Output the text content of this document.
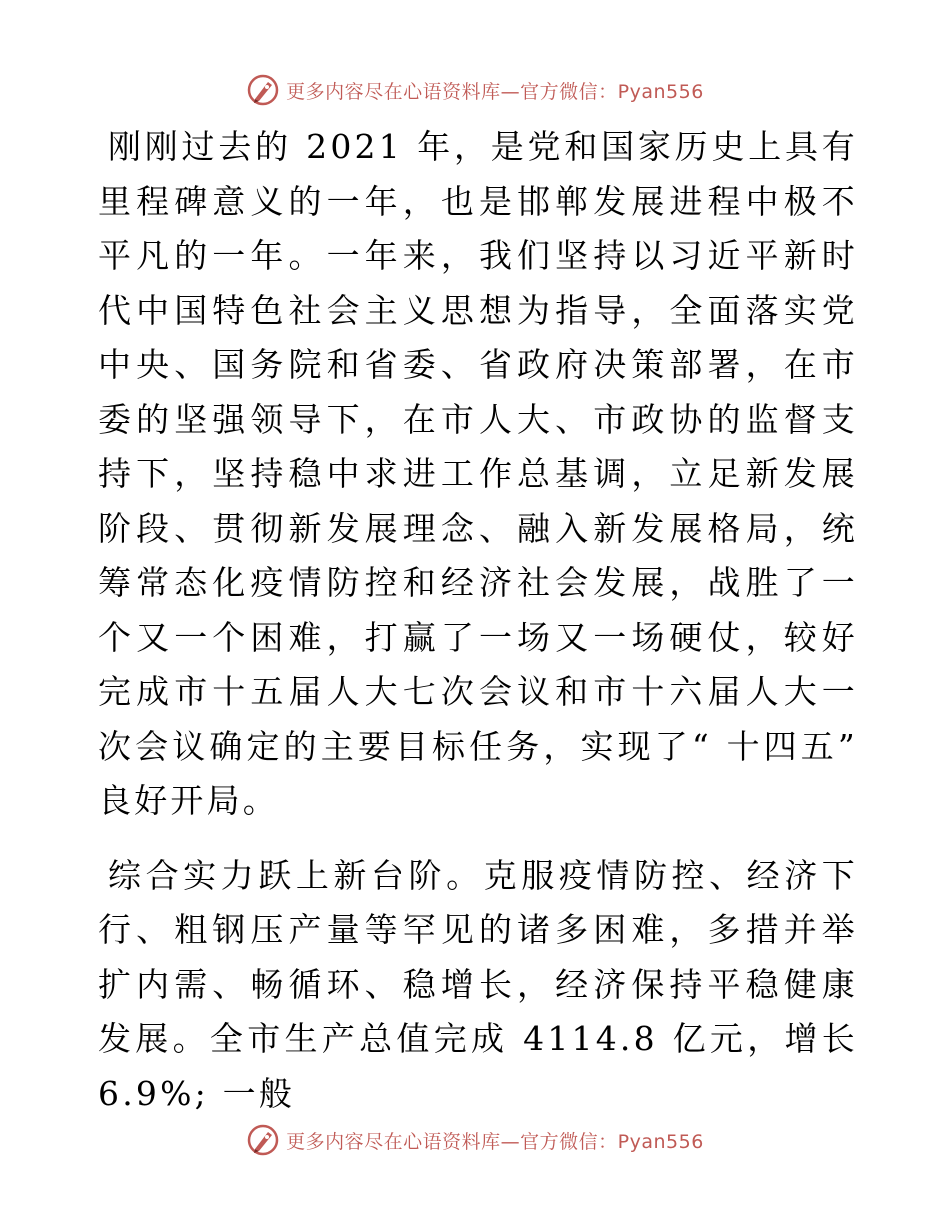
更多内容尽在心语资料库—官方微信：Pyan556

刚刚过去的 2021 年，是党和国家历史上具有里程碑意义的一年，也是邯郸发展进程中极不平凡的一年。一年来，我们坚持以习近平新时代中国特色社会主义思想为指导，全面落实党中央、国务院和省委、省政府决策部署，在市委的坚强领导下，在市人大、市政协的监督支持下，坚持稳中求进工作总基调，立足新发展阶段、贯彻新发展理念、融入新发展格局，统筹常态化疫情防控和经济社会发展，战胜了一个又一个困难，打赢了一场又一场硬仗，较好完成市十五届人大七次会议和市十六届人大一次会议确定的主要目标任务，实现了“ 十四五” 良好开局。

综合实力跃上新台阶。克服疫情防控、经济下行、粗钢压产量等罕见的诸多困难，多措并举扩内需、畅循环、稳增长，经济保持平稳健康发展。全市生产总值完成 4114.8 亿元，增长 6.9%; 一般

更多内容尽在心语资料库—官方微信：Pyan556
